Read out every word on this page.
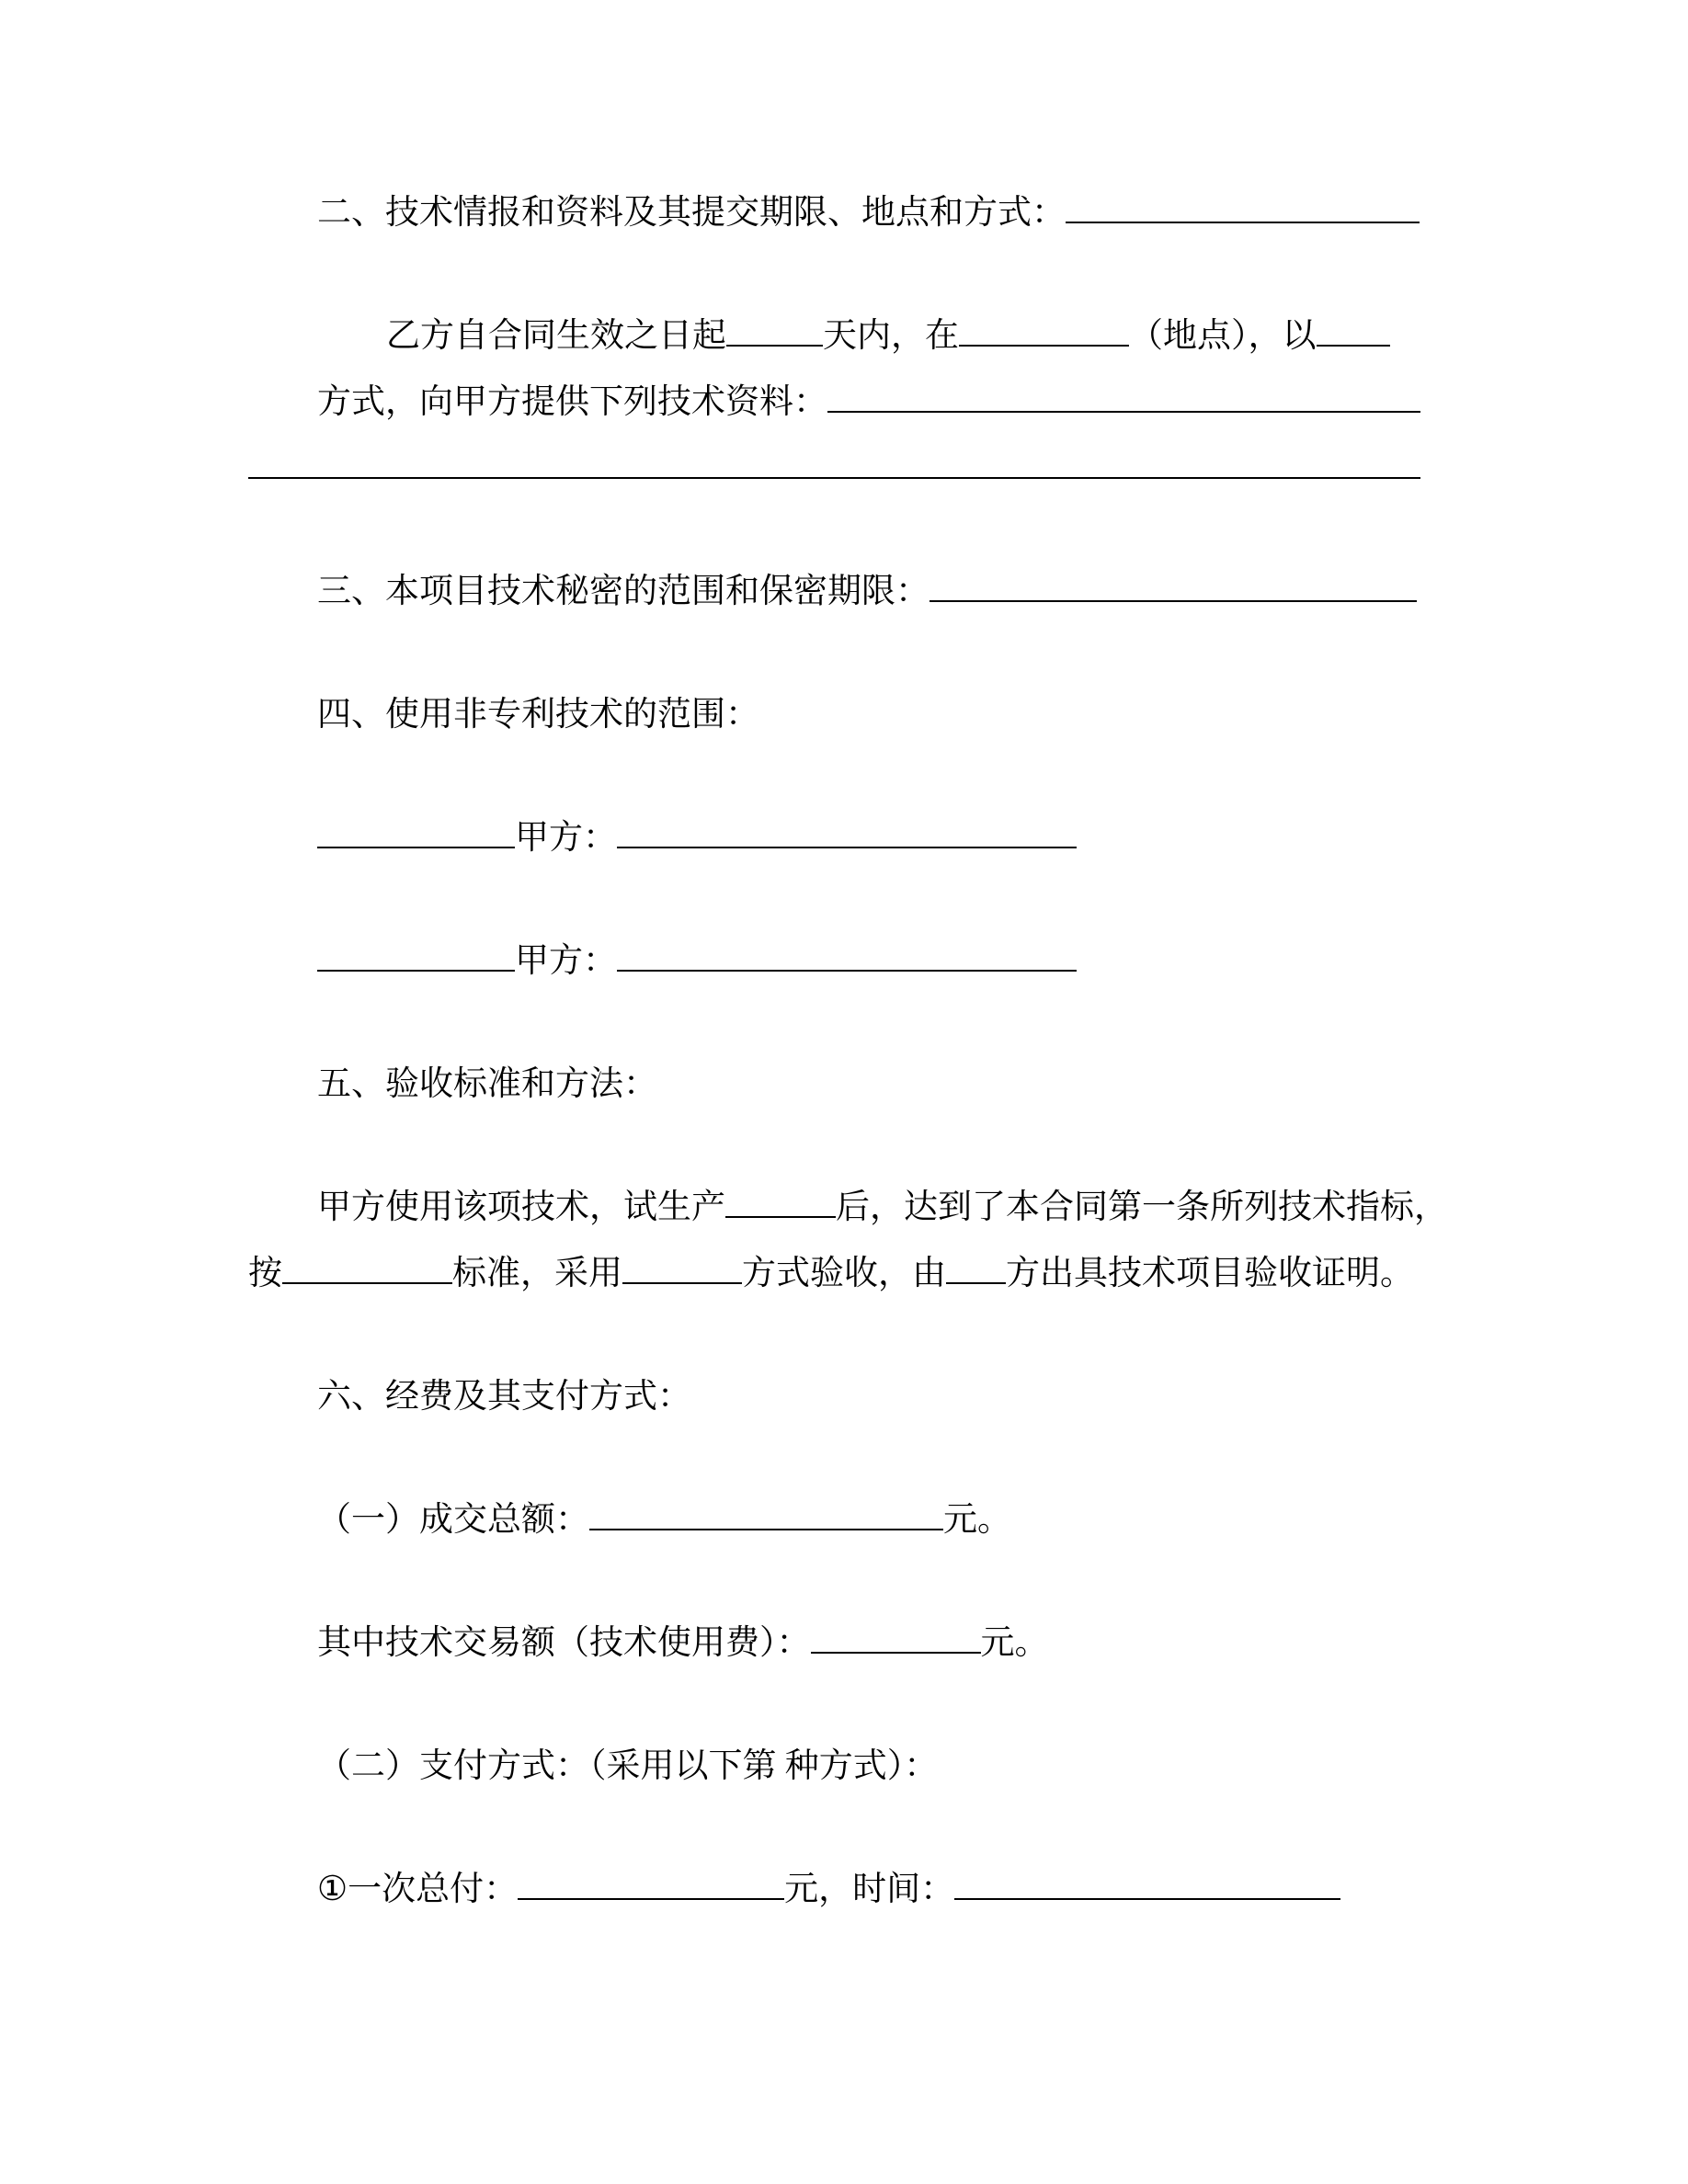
二、技术情报和资料及其提交期限、地点和方式：

乙方自合同生效之日起	天内，在	（地点），以

方式，向甲方提供下列技术资料：

三、本项目技术秘密的范围和保密期限：

四、使用非专利技术的范围：

甲方：

甲方：

五、验收标准和方法：

甲方使用该项技术，试生产	后，达到了本合同第一条所列技术指标，

按	标准，采用	方式验收，由 方出具技术项目验收证明。

六、经费及其支付方式：

（一）成交总额：	元。

其中技术交易额（技术使用费）：	元。

（二）支付方式：（采用以下第 种方式）：

①一次总付：	元，时间：
